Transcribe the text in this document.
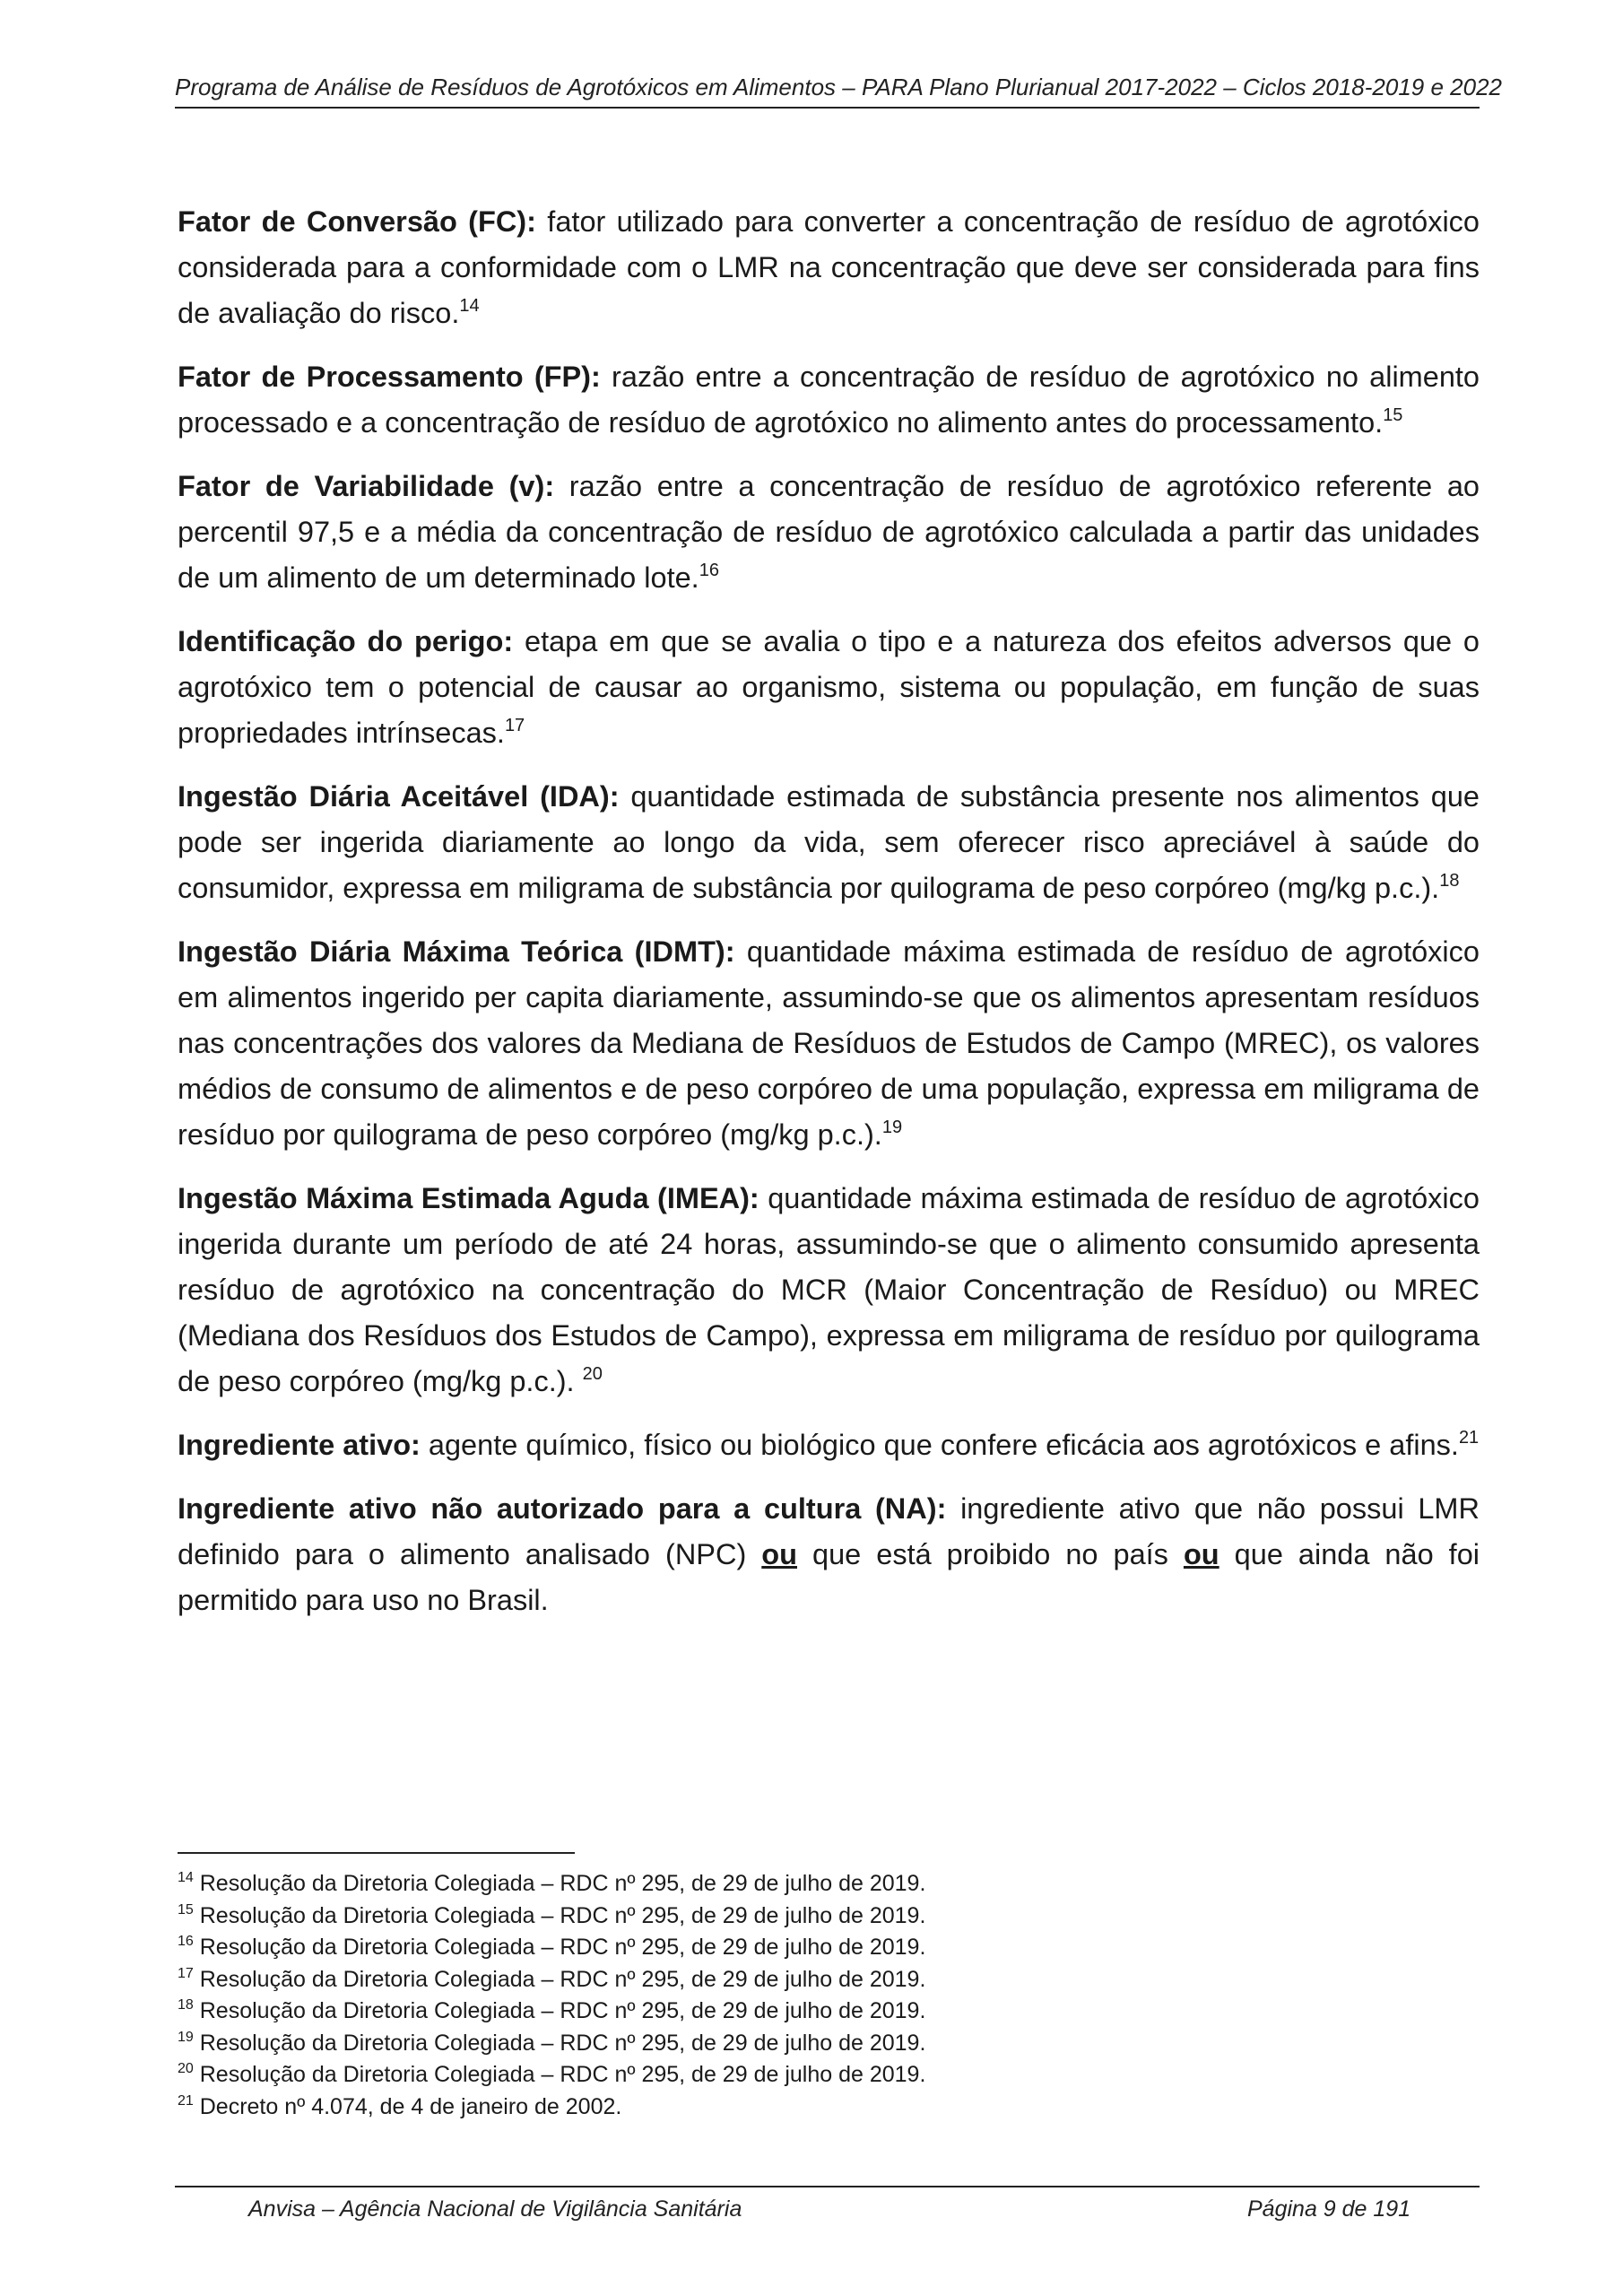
Programa de Análise de Resíduos de Agrotóxicos em Alimentos – PARA Plano Plurianual 2017-2022 – Ciclos 2018-2019 e 2022

Fator de Conversão (FC): fator utilizado para converter a concentração de resíduo de agrotóxico considerada para a conformidade com o LMR na concentração que deve ser considerada para fins de avaliação do risco.$^{14}$

Fator de Processamento (FP): razão entre a concentração de resíduo de agrotóxico no alimento processado e a concentração de resíduo de agrotóxico no alimento antes do processamento.$^{15}$

Fator de Variabilidade (v): razão entre a concentração de resíduo de agrotóxico referente ao percentil 97,5 e a média da concentração de resíduo de agrotóxico calculada a partir das unidades de um alimento de um determinado lote.$^{16}$

Identificação do perigo: etapa em que se avalia o tipo e a natureza dos efeitos adversos que o agrotóxico tem o potencial de causar ao organismo, sistema ou população, em função de suas propriedades intrínsecas.$^{17}$

Ingestão Diária Aceitável (IDA): quantidade estimada de substância presente nos alimentos que pode ser ingerida diariamente ao longo da vida, sem oferecer risco apreciável à saúde do consumidor, expressa em miligrama de substância por quilograma de peso corpóreo (mg/kg p.c.).$^{18}$

Ingestão Diária Máxima Teórica (IDMT): quantidade máxima estimada de resíduo de agrotóxico em alimentos ingerido per capita diariamente, assumindo-se que os alimentos apresentam resíduos nas concentrações dos valores da Mediana de Resíduos de Estudos de Campo (MREC), os valores médios de consumo de alimentos e de peso corpóreo de uma população, expressa em miligrama de resíduo por quilograma de peso corpóreo (mg/kg p.c.).$^{19}$

Ingestão Máxima Estimada Aguda (IMEA): quantidade máxima estimada de resíduo de agrotóxico ingerida durante um período de até 24 horas, assumindo-se que o alimento consumido apresenta resíduo de agrotóxico na concentração do MCR (Maior Concentração de Resíduo) ou MREC (Mediana dos Resíduos dos Estudos de Campo), expressa em miligrama de resíduo por quilograma de peso corpóreo (mg/kg p.c.). $^{20}$

Ingrediente ativo: agente químico, físico ou biológico que confere eficácia aos agrotóxicos e afins.$^{21}$

Ingrediente ativo não autorizado para a cultura (NA): ingrediente ativo que não possui LMR definido para o alimento analisado (NPC) ou que está proibido no país ou que ainda não foi permitido para uso no Brasil.

$^{14}$ Resolução da Diretoria Colegiada – RDC nº 295, de 29 de julho de 2019.
$^{15}$ Resolução da Diretoria Colegiada – RDC nº 295, de 29 de julho de 2019.
$^{16}$ Resolução da Diretoria Colegiada – RDC nº 295, de 29 de julho de 2019.
$^{17}$ Resolução da Diretoria Colegiada – RDC nº 295, de 29 de julho de 2019.
$^{18}$ Resolução da Diretoria Colegiada – RDC nº 295, de 29 de julho de 2019.
$^{19}$ Resolução da Diretoria Colegiada – RDC nº 295, de 29 de julho de 2019.
$^{20}$ Resolução da Diretoria Colegiada – RDC nº 295, de 29 de julho de 2019.
$^{21}$ Decreto nº 4.074, de 4 de janeiro de 2002.
Anvisa – Agência Nacional de Vigilância Sanitária	Página 9 de 191
